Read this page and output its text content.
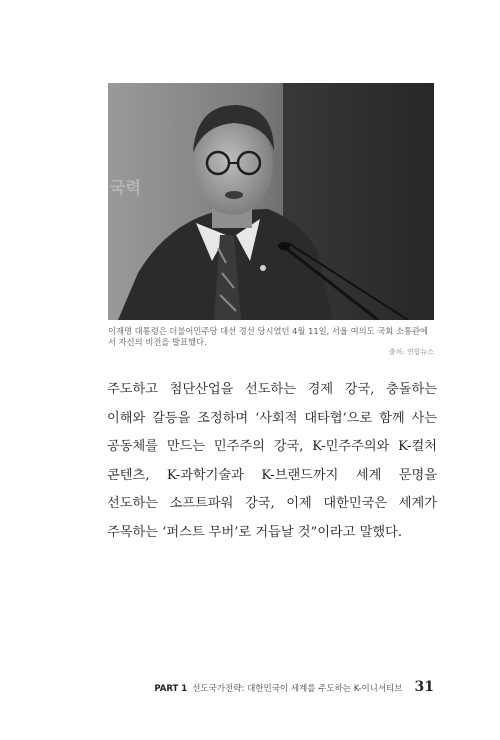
국력
이재명 대통령은 더불어민주당 대선 경선 당시였던 4월 11일, 서울 여의도 국회 소통관에서 자신의 비전을 발표했다.
출처: 연합뉴스

주도하고 첨단산업을 선도하는 경제 강국, 충돌하는 이해와 갈등을 조정하며 ‘사회적 대타협’으로 함께 사는 공동체를 만드는 민주주의 강국, K-민주주의와 K-컬처 콘텐츠, K-과학기술과 K-브랜드까지 세계 문명을 선도하는 소프트파워 강국, 이제 대한민국은 세계가 주목하는 ‘퍼스트 무버’로 거듭날 것”이라고 말했다.

PART 1 선도국가전략: 대한민국이 세계를 주도하는 K-이니셔티브 31
